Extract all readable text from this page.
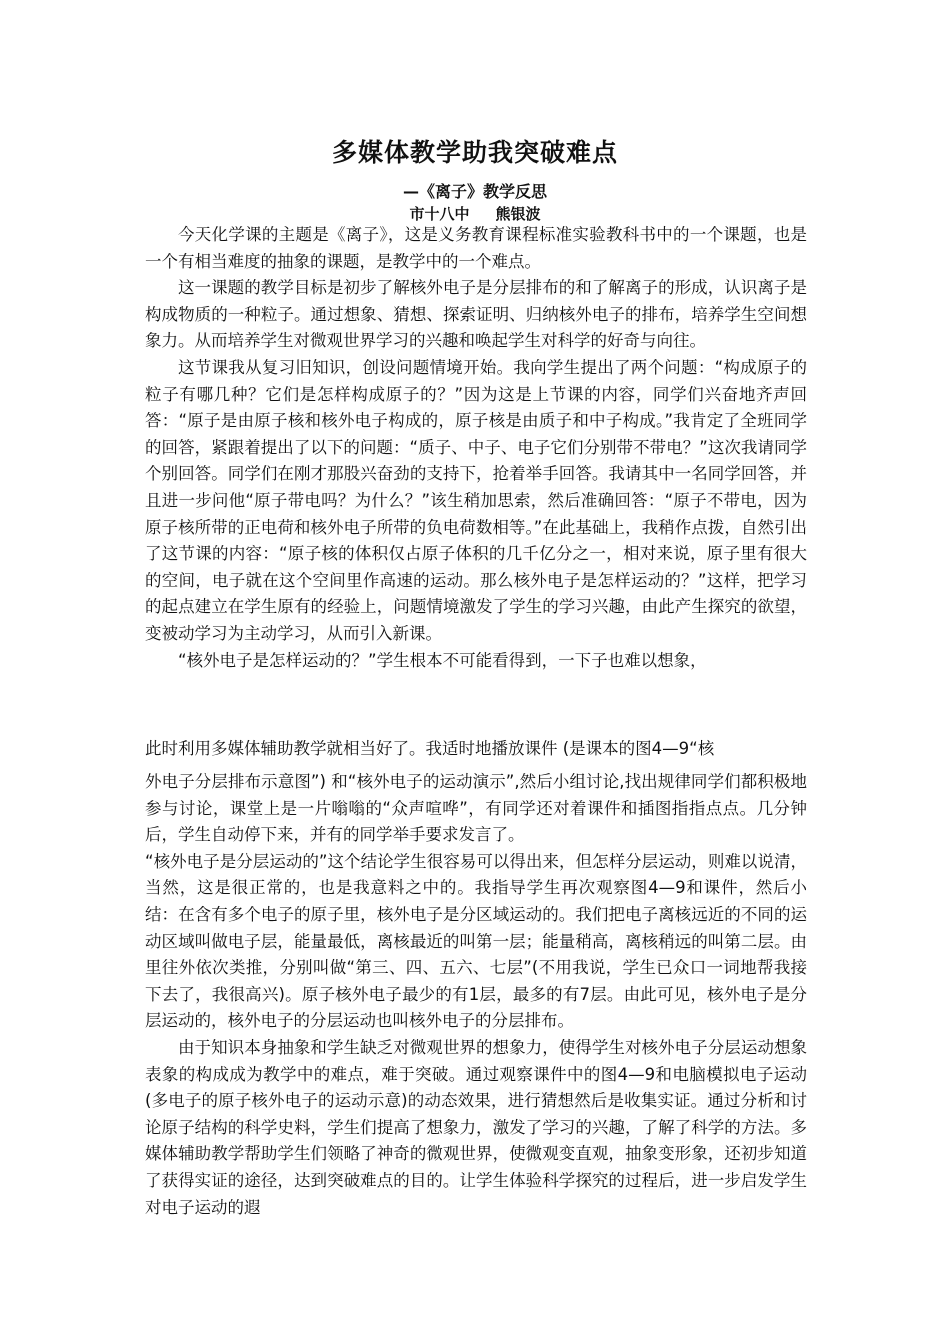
多媒体教学助我突破难点
—《离子》教学反思
市十八中 熊银波

今天化学课的主题是《离子》，这是义务教育课程标准实验教科书中的一个课题，也是一个有相当难度的抽象的课题，是教学中的一个难点。

这一课题的教学目标是初步了解核外电子是分层排布的和了解离子的形成，认识离子是构成物质的一种粒子。通过想象、猜想、探索证明、归纳核外电子的排布，培养学生空间想象力。从而培养学生对微观世界学习的兴趣和唤起学生对科学的好奇与向往。

这节课我从复习旧知识，创设问题情境开始。我向学生提出了两个问题：“构成原子的粒子有哪几种？它们是怎样构成原子的？”因为这是上节课的内容，同学们兴奋地齐声回答：“原子是由原子核和核外电子构成的，原子核是由质子和中子构成。”我肯定了全班同学的回答，紧跟着提出了以下的问题：“质子、中子、电子它们分别带不带电？”这次我请同学个别回答。同学们在刚才那股兴奋劲的支持下，抢着举手回答。我请其中一名同学回答，并且进一步问他“原子带电吗？为什么？”该生稍加思索，然后准确回答：“原子不带电，因为原子核所带的正电荷和核外电子所带的负电荷数相等。”在此基础上，我稍作点拨，自然引出了这节课的内容：“原子核的体积仅占原子体积的几千亿分之一，相对来说，原子里有很大的空间，电子就在这个空间里作高速的运动。那么核外电子是怎样运动的？”这样，把学习的起点建立在学生原有的经验上，问题情境激发了学生的学习兴趣，由此产生探究的欲望，变被动学习为主动学习，从而引入新课。

“核外电子是怎样运动的？”学生根本不可能看得到，一下子也难以想象，

此时利用多媒体辅助教学就相当好了。我适时地播放课件 (是课本的图4—9“核

外电子分层排布示意图”) 和“核外电子的运动演示”,然后小组讨论,找出规律同学们都积极地参与讨论，课堂上是一片嗡嗡的“众声喧哗”，有同学还对着课件和插图指指点点。几分钟后，学生自动停下来，并有的同学举手要求发言了。

“核外电子是分层运动的”这个结论学生很容易可以得出来，但怎样分层运动，则难以说清，当然，这是很正常的，也是我意料之中的。我指导学生再次观察图4—9和课件，然后小结：在含有多个电子的原子里，核外电子是分区域运动的。我们把电子离核远近的不同的运动区域叫做电子层，能量最低，离核最近的叫第一层；能量稍高，离核稍远的叫第二层。由里往外依次类推，分别叫做“第三、四、五六、七层”(不用我说，学生已众口一词地帮我接下去了，我很高兴)。原子核外电子最少的有1层，最多的有7层。由此可见，核外电子是分层运动的，核外电子的分层运动也叫核外电子的分层排布。

由于知识本身抽象和学生缺乏对微观世界的想象力，使得学生对核外电子分层运动想象表象的构成成为教学中的难点，难于突破。通过观察课件中的图4—9和电脑模拟电子运动(多电子的原子核外电子的运动示意)的动态效果，进行猜想然后是收集实证。通过分析和讨论原子结构的科学史料，学生们提高了想象力，激发了学习的兴趣，了解了科学的方法。多媒体辅助教学帮助学生们领略了神奇的微观世界，使微观变直观，抽象变形象，还初步知道了获得实证的途径，达到突破难点的目的。让学生体验科学探究的过程后，进一步启发学生对电子运动的遐
